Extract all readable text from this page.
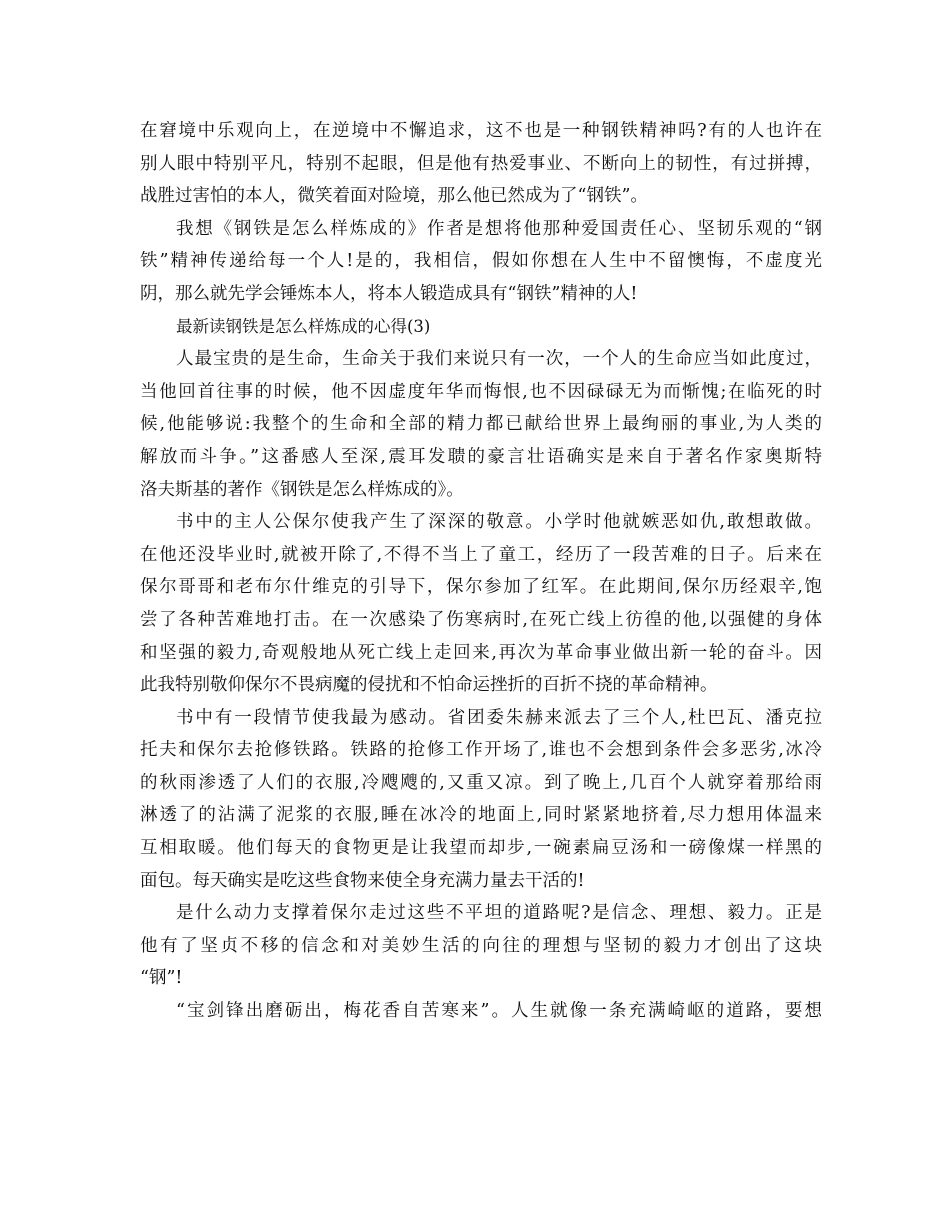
在窘境中乐观向上，在逆境中不懈追求，这不也是一种钢铁精神吗?有的人也许在
别人眼中特别平凡，特别不起眼，但是他有热爱事业、不断向上的韧性，有过拼搏，
战胜过害怕的本人，微笑着面对险境，那么他已然成为了“钢铁”。
我想《钢铁是怎么样炼成的》作者是想将他那种爱国责任心、坚韧乐观的“钢
铁”精神传递给每一个人!是的，我相信，假如你想在人生中不留懊悔，不虚度光
阴，那么就先学会锤炼本人，将本人锻造成具有“钢铁”精神的人!
最新读钢铁是怎么样炼成的心得(3)
人最宝贵的是生命，生命关于我们来说只有一次，一个人的生命应当如此度过，
当他回首往事的时候，他不因虚度年华而悔恨,也不因碌碌无为而惭愧;在临死的时
候,他能够说:我整个的生命和全部的精力都已献给世界上最绚丽的事业,为人类的
解放而斗争。”这番感人至深,震耳发聩的豪言壮语确实是来自于著名作家奥斯特
洛夫斯基的著作《钢铁是怎么样炼成的》。
书中的主人公保尔使我产生了深深的敬意。小学时他就嫉恶如仇,敢想敢做。
在他还没毕业时,就被开除了,不得不当上了童工，经历了一段苦难的日子。后来在
保尔哥哥和老布尔什维克的引导下，保尔参加了红军。在此期间,保尔历经艰辛,饱
尝了各种苦难地打击。在一次感染了伤寒病时,在死亡线上彷徨的他,以强健的身体
和坚强的毅力,奇观般地从死亡线上走回来,再次为革命事业做出新一轮的奋斗。因
此我特别敬仰保尔不畏病魔的侵扰和不怕命运挫折的百折不挠的革命精神。
书中有一段情节使我最为感动。省团委朱赫来派去了三个人,杜巴瓦、潘克拉
托夫和保尔去抢修铁路。铁路的抢修工作开场了,谁也不会想到条件会多恶劣,冰冷
的秋雨渗透了人们的衣服,冷飕飕的,又重又凉。到了晚上,几百个人就穿着那给雨
淋透了的沾满了泥浆的衣服,睡在冰冷的地面上,同时紧紧地挤着,尽力想用体温来
互相取暖。他们每天的食物更是让我望而却步,一碗素扁豆汤和一磅像煤一样黑的
面包。每天确实是吃这些食物来使全身充满力量去干活的!
是什么动力支撑着保尔走过这些不平坦的道路呢?是信念、理想、毅力。正是
他有了坚贞不移的信念和对美妙生活的向往的理想与坚韧的毅力才创出了这块
“钢”!
“宝剑锋出磨砺出，梅花香自苦寒来”。人生就像一条充满崎岖的道路，要想
